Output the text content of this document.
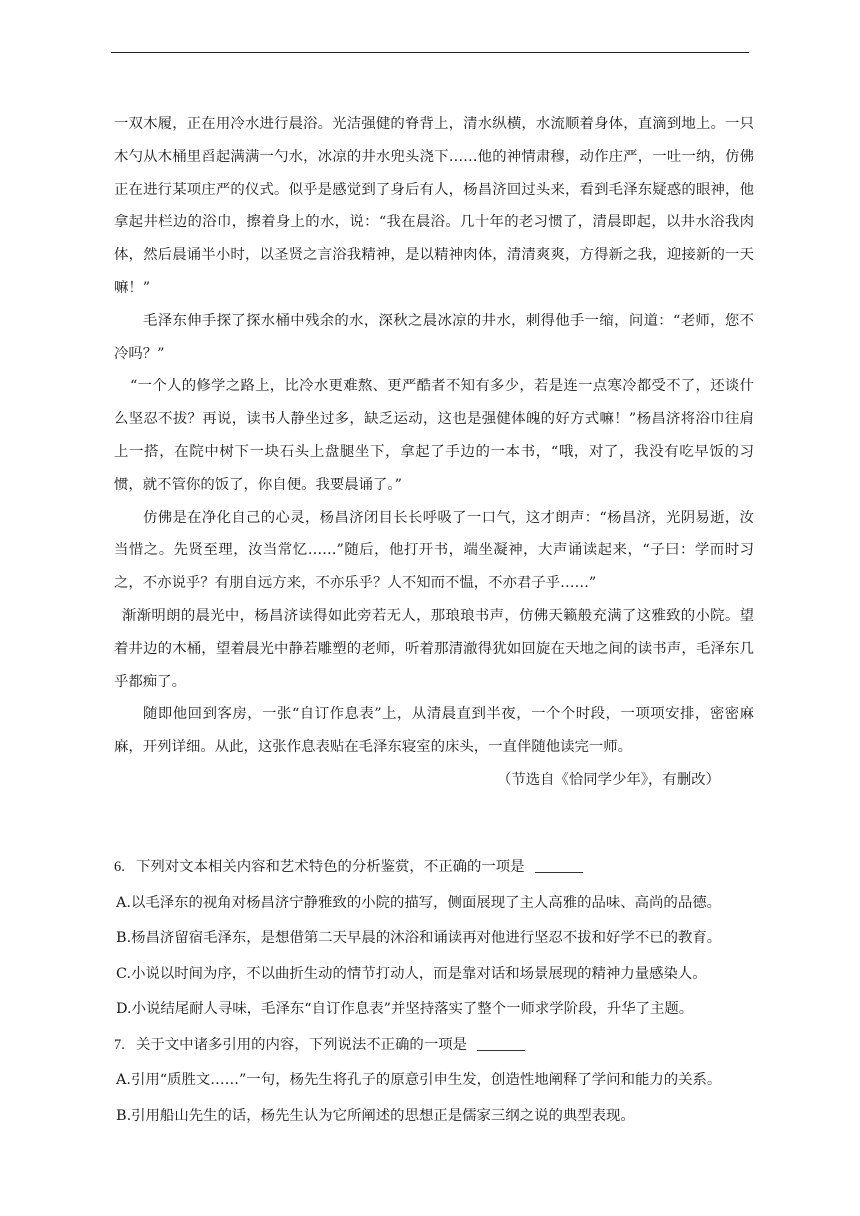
一双木履，正在用冷水进行晨浴。光洁强健的脊背上，清水纵横，水流顺着身体，直滴到地上。一只木勺从木桶里舀起满满一勺水，冰凉的井水兜头浇下……他的神情肃穆，动作庄严，一吐一纳，仿佛正在进行某项庄严的仪式。似乎是感觉到了身后有人，杨昌济回过头来，看到毛泽东疑惑的眼神，他拿起井栏边的浴巾，擦着身上的水，说：“我在晨浴。几十年的老习惯了，清晨即起，以井水浴我肉体，然后晨诵半小时，以圣贤之言浴我精神，是以精神肉体，清清爽爽，方得新之我，迎接新的一天嘛！”

毛泽东伸手探了探水桶中残余的水，深秋之晨冰凉的井水，刺得他手一缩，问道：“老师，您不冷吗？”

“一个人的修学之路上，比冷水更难熬、更严酷者不知有多少，若是连一点寒冷都受不了，还谈什么坚忍不拔？再说，读书人静坐过多，缺乏运动，这也是强健体魄的好方式嘛！”杨昌济将浴巾往肩上一搭，在院中树下一块石头上盘腿坐下，拿起了手边的一本书，“哦，对了，我没有吃早饭的习惯，就不管你的饭了，你自便。我要晨诵了。”

仿佛是在净化自己的心灵，杨昌济闭目长长呼吸了一口气，这才朗声：“杨昌济，光阴易逝，汝当惜之。先贤至理，汝当常忆……”随后，他打开书，端坐凝神，大声诵读起来，“子曰：学而时习之，不亦说乎？有朋自远方来，不亦乐乎？人不知而不愠，不亦君子乎……”

渐渐明朗的晨光中，杨昌济读得如此旁若无人，那琅琅书声，仿佛天籁般充满了这雅致的小院。望着井边的木桶，望着晨光中静若雕塑的老师，听着那清澈得犹如回旋在天地之间的读书声，毛泽东几乎都痴了。

随即他回到客房，一张“自订作息表”上，从清晨直到半夜，一个个时段，一项项安排，密密麻麻，开列详细。从此，这张作息表贴在毛泽东寝室的床头，一直伴随他读完一师。

（节选自《恰同学少年》，有删改）

6. 下列对文本相关内容和艺术特色的分析鉴赏，不正确的一项是

A.以毛泽东的视角对杨昌济宁静雅致的小院的描写，侧面展现了主人高雅的品味、高尚的品德。

B.杨昌济留宿毛泽东，是想借第二天早晨的沐浴和诵读再对他进行坚忍不拔和好学不已的教育。

C.小说以时间为序，不以曲折生动的情节打动人，而是靠对话和场景展现的精神力量感染人。

D.小说结尾耐人寻味，毛泽东“自订作息表”并坚持落实了整个一师求学阶段，升华了主题。

7. 关于文中诸多引用的内容，下列说法不正确的一项是

A.引用“质胜文……”一句，杨先生将孔子的原意引申生发，创造性地阐释了学问和能力的关系。

B.引用船山先生的话，杨先生认为它所阐述的思想正是儒家三纲之说的典型表现。
